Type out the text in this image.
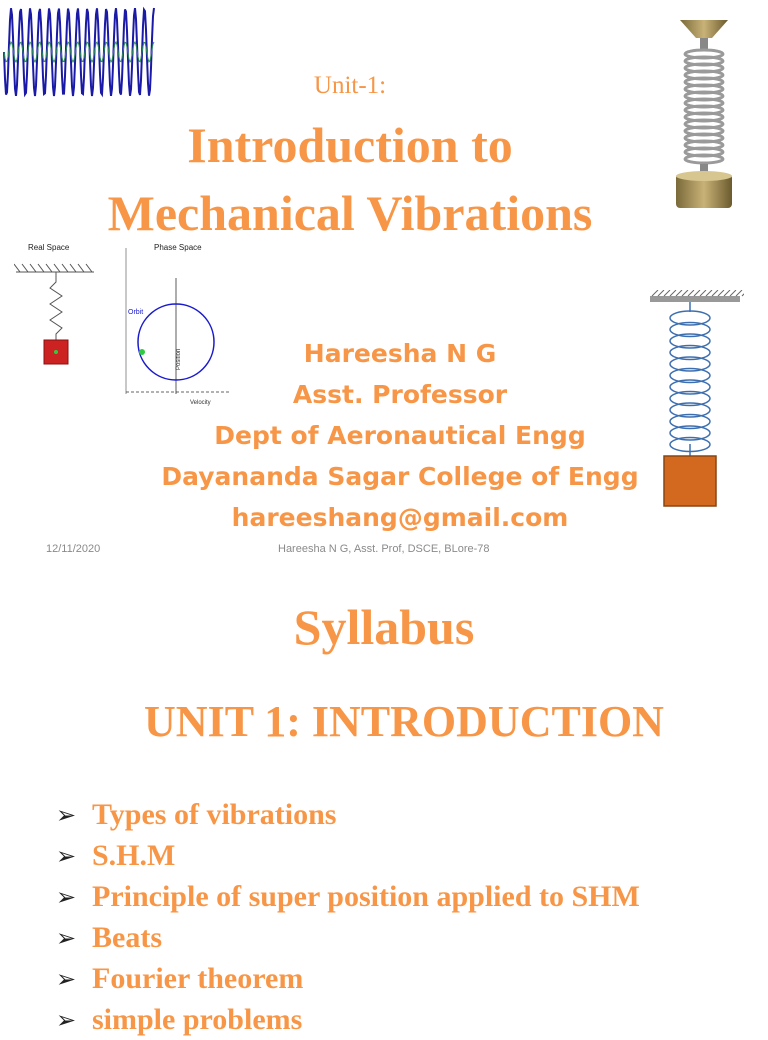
Real Space	Phase Space
Orbit
Position
Velocity
Unit-1:
Introduction to
Mechanical Vibrations
Hareesha N G
Asst. Professor
Dept of Aeronautical Engg
Dayananda Sagar College of Engg
hareeshang@gmail.com
12/11/2020	Hareesha N G, Asst. Prof, DSCE, BLore-78
Syllabus
UNIT 1: INTRODUCTION
➢ Types of vibrations
➢ S.H.M
➢ Principle of super position applied to SHM
➢ Beats
➢ Fourier theorem
➢ simple problems
